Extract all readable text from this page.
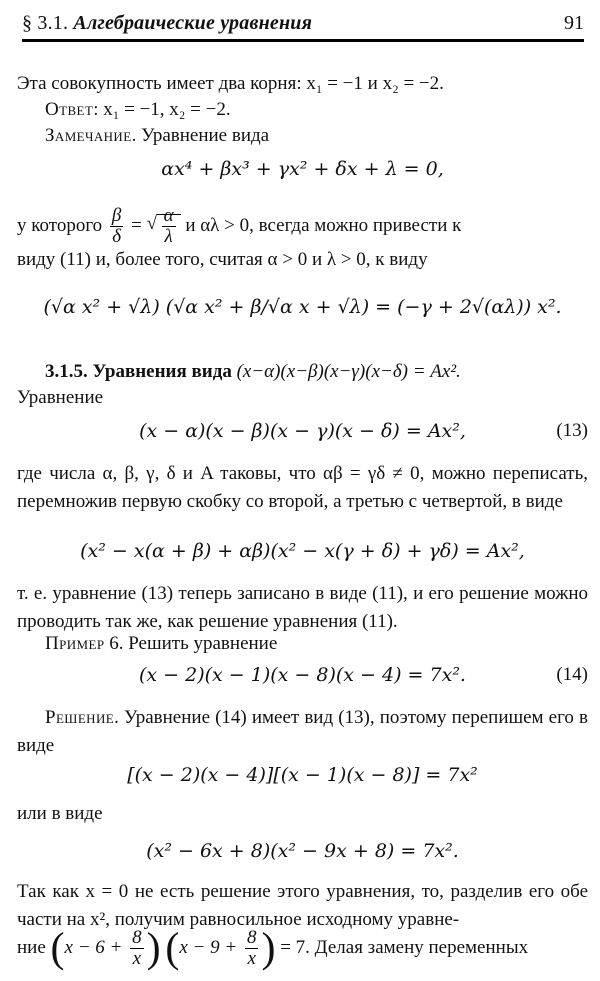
§ 3.1. Алгебраические уравнения	91
Эта совокупность имеет два корня: x₁ = −1 и x₂ = −2.
Ответ: x₁ = −1, x₂ = −2.
Замечание. Уравнение вида
αx⁴ + βx³ + γx² + δx + λ = 0,
у которого $\frac{\beta}{\delta}$ =
√ $\frac{\alpha}{\lambda}$ и αλ > 0, всегда можно привести к
виду (11) и, более того, считая α > 0 и λ > 0, к виду
(√α x² + √λ) (√α x² + β/√α x + √λ) = (−γ + 2√(αλ)) x².
3.1.5. Уравнения вида (x−α)(x−β)(x−γ)(x−δ) = Ax².
Уравнение
(x − α)(x − β)(x − γ)(x − δ) = Ax²,	(13)
где числа α, β, γ, δ и A таковы, что αβ = γδ ≠ 0, можно переписать, перемножив первую скобку со второй, а третью с четвертой, в виде
(x² − x(α + β) + αβ)(x² − x(γ + δ) + γδ) = Ax²,
т. е. уравнение (13) теперь записано в виде (11), и его решение можно проводить так же, как решение уравнения (11).
Пример 6. Решить уравнение
(x − 2)(x − 1)(x − 8)(x − 4) = 7x².	(14)
Решение. Уравнение (14) имеет вид (13), поэтому перепишем его в виде
[(x − 2)(x − 4)][(x − 1)(x − 8)] = 7x²
или в виде
(x² − 6x + 8)(x² − 9x + 8) = 7x².
Так как x = 0 не есть решение этого уравнения, то, разделив его обе части на x², получим равносильное исходному уравне-
ние ($x - 6 + \frac{8}{x}$ ) ($x - 9 + \frac{8}{x}$ ) = 7. Делая замену переменных
